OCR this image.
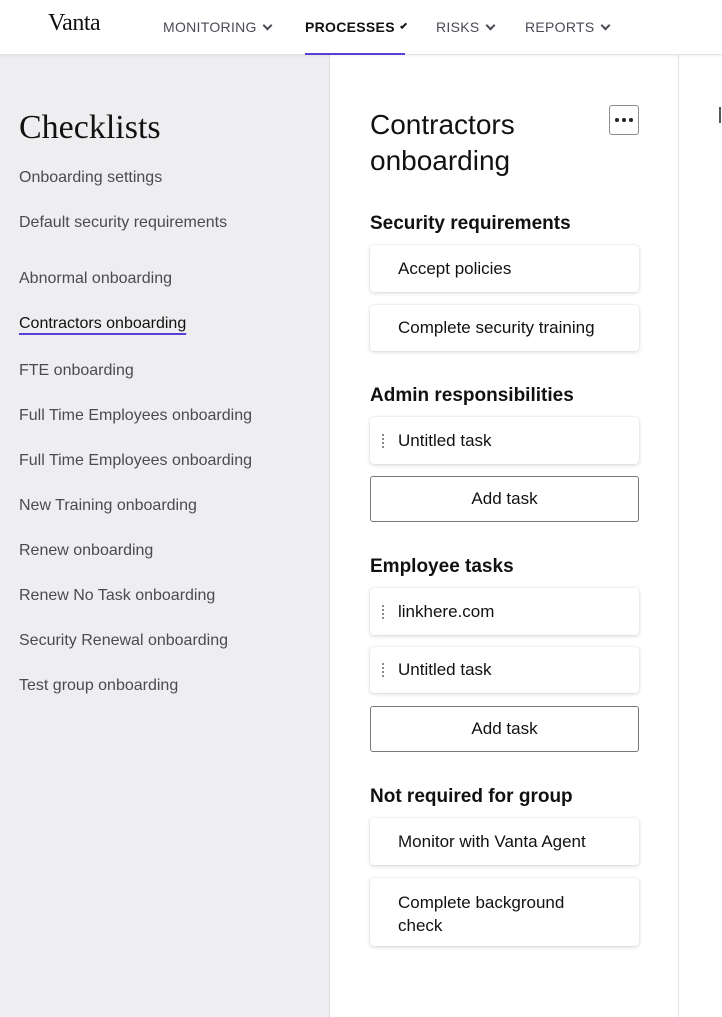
Vanta	MONITORING	PROCESSES	RISKS	REPORTS
Checklists
Onboarding settings
Default security requirements
Abnormal onboarding
Contractors onboarding
FTE onboarding
Full Time Employees onboarding
Full Time Employees onboarding
New Training onboarding
Renew onboarding
Renew No Task onboarding
Security Renewal onboarding
Test group onboarding
Contractors onboarding
Security requirements
Accept policies
Complete security training
Admin responsibilities
Untitled task
Add task
Employee tasks
linkhere.com
Untitled task
Add task
Not required for group
Monitor with Vanta Agent
Complete background check
